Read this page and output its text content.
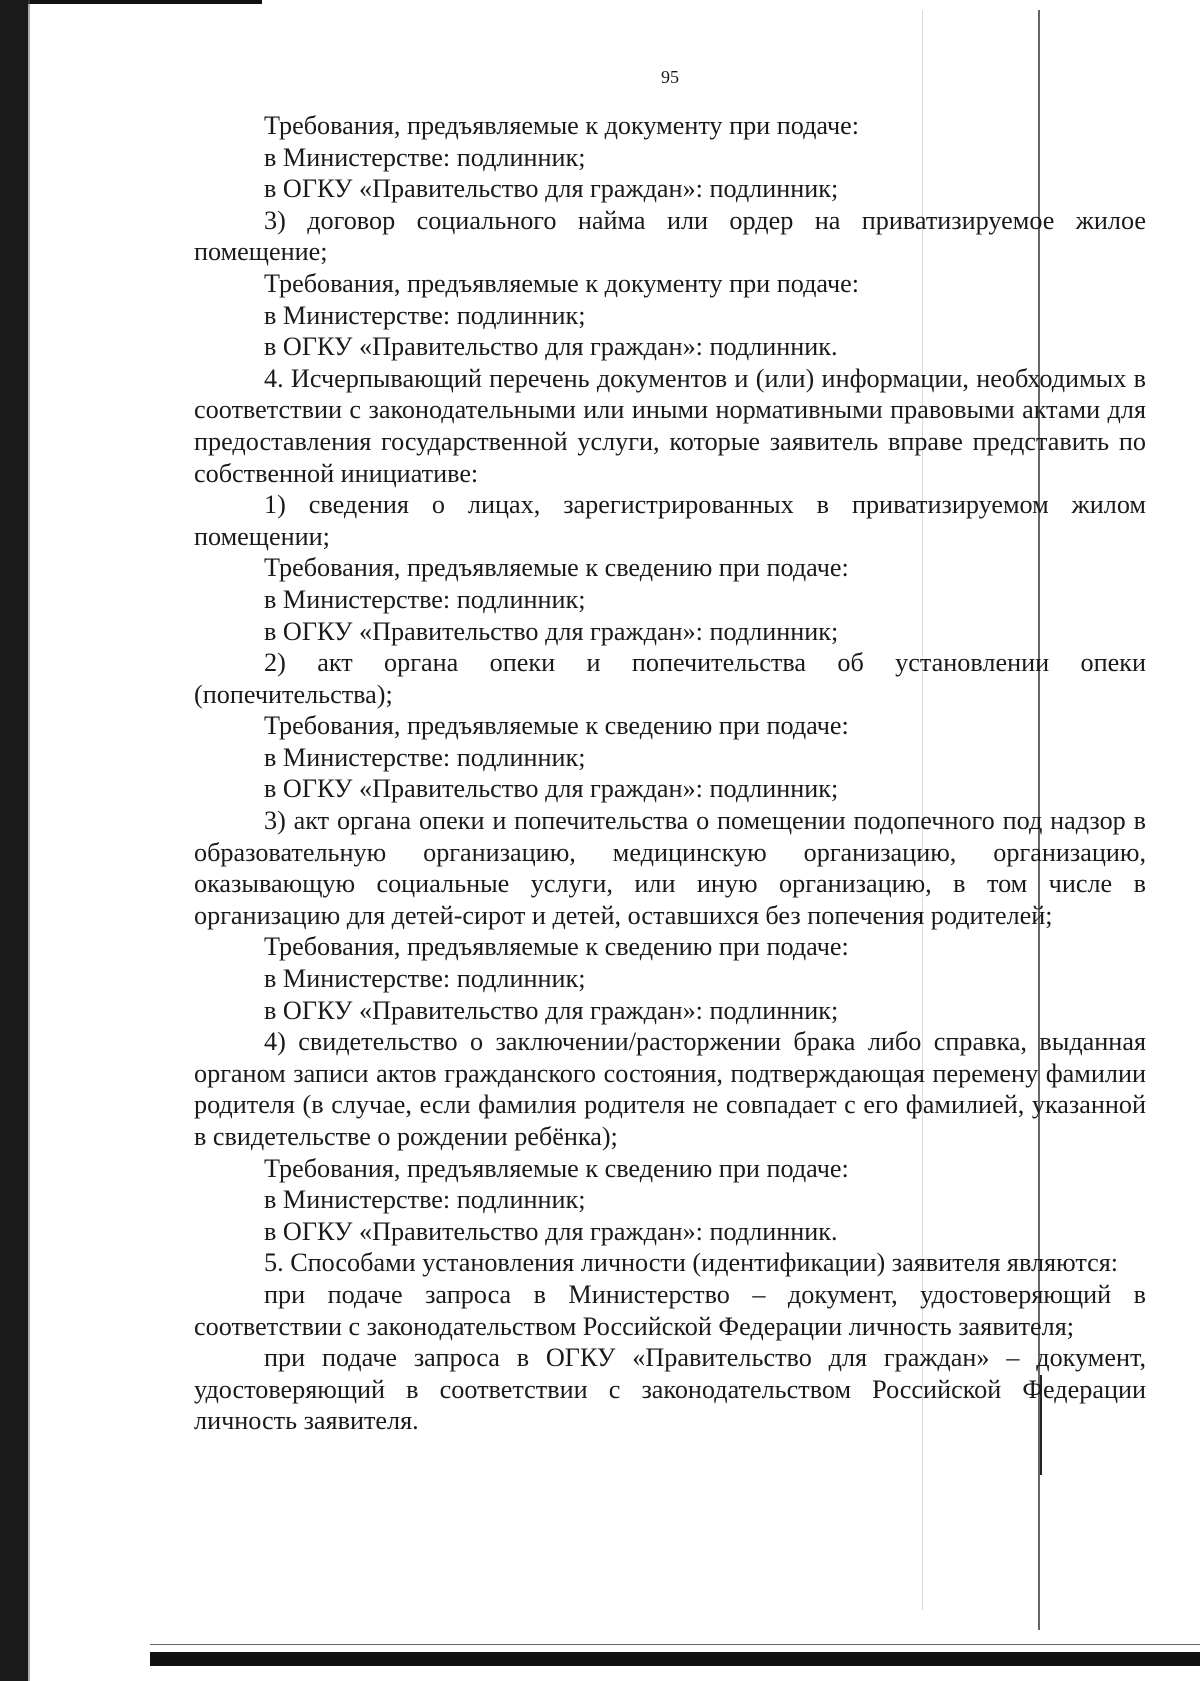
95

Требования, предъявляемые к документу при подаче:

в Министерстве: подлинник;

в ОГКУ «Правительство для граждан»: подлинник;

3) договор социального найма или ордер на приватизируемое жилое помещение;

Требования, предъявляемые к документу при подаче:

в Министерстве: подлинник;

в ОГКУ «Правительство для граждан»: подлинник.

4. Исчерпывающий перечень документов и (или) информации, необходимых в соответствии с законодательными или иными нормативными правовыми актами для предоставления государственной услуги, которые заявитель вправе представить по собственной инициативе:

1) сведения о лицах, зарегистрированных в приватизируемом жилом помещении;

Требования, предъявляемые к сведению при подаче:

в Министерстве: подлинник;

в ОГКУ «Правительство для граждан»: подлинник;

2) акт органа опеки и попечительства об установлении опеки (попечительства);

Требования, предъявляемые к сведению при подаче:

в Министерстве: подлинник;

в ОГКУ «Правительство для граждан»: подлинник;

3) акт органа опеки и попечительства о помещении подопечного под надзор в образовательную организацию, медицинскую организацию, организацию, оказывающую социальные услуги, или иную организацию, в том числе в организацию для детей-сирот и детей, оставшихся без попечения родителей;

Требования, предъявляемые к сведению при подаче:

в Министерстве: подлинник;

в ОГКУ «Правительство для граждан»: подлинник;

4) свидетельство о заключении/расторжении брака либо справка, выданная органом записи актов гражданского состояния, подтверждающая перемену фамилии родителя (в случае, если фамилия родителя не совпадает с его фамилией, указанной в свидетельстве о рождении ребёнка);

Требования, предъявляемые к сведению при подаче:

в Министерстве: подлинник;

в ОГКУ «Правительство для граждан»: подлинник.

5. Способами установления личности (идентификации) заявителя являются:

при подаче запроса в Министерство – документ, удостоверяющий в соответствии с законодательством Российской Федерации личность заявителя;

при подаче запроса в ОГКУ «Правительство для граждан» – документ, удостоверяющий в соответствии с законодательством Российской Федерации личность заявителя.
